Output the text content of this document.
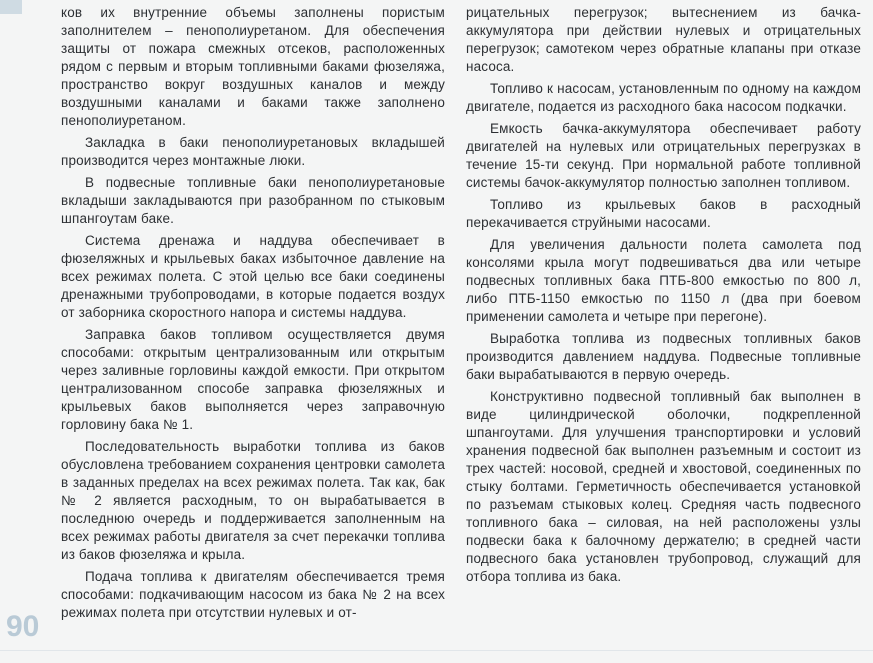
ков их внутренние объемы заполнены пористым заполнителем – пенополиуретаном. Для обеспечения защиты от пожара смежных отсеков, расположенных рядом с первым и вторым топливными баками фюзеляжа, пространство вокруг воздушных каналов и между воздушными каналами и баками также заполнено пенополиуретаном.

Закладка в баки пенополиуретановых вкладышей производится через монтажные люки.

В подвесные топливные баки пенополиуретановые вкладыши закладываются при разобранном по стыковым шпангоутам баке.

Система дренажа и наддува обеспечивает в фюзеляжных и крыльевых баках избыточное давление на всех режимах полета. С этой целью все баки соединены дренажными трубопроводами, в которые подается воздух от заборника скоростного напора и системы наддува.

Заправка баков топливом осуществляется двумя способами: открытым централизованным или открытым через заливные горловины каждой емкости. При открытом централизованном способе заправка фюзеляжных и крыльевых баков выполняется через заправочную горловину бака № 1.

Последовательность выработки топлива из баков обусловлена требованием сохранения центровки самолета в заданных пределах на всех режимах полета. Так как, бак № 2 является расходным, то он вырабатывается в последнюю очередь и поддерживается заполненным на всех режимах работы двигателя за счет перекачки топлива из баков фюзеляжа и крыла.

Подача топлива к двигателям обеспечивается тремя способами: подкачивающим насосом из бака № 2 на всех режимах полета при отсутствии нулевых и от-

рицательных перегрузок; вытеснением из бачка-аккумулятора при действии нулевых и отрицательных перегрузок; самотеком через обратные клапаны при отказе насоса.

Топливо к насосам, установленным по одному на каждом двигателе, подается из расходного бака насосом подкачки.

Емкость бачка-аккумулятора обеспечивает работу двигателей на нулевых или отрицательных перегрузках в течение 15-ти секунд. При нормальной работе топливной системы бачок-аккумулятор полностью заполнен топливом.

Топливо из крыльевых баков в расходный перекачивается струйными насосами.

Для увеличения дальности полета самолета под консолями крыла могут подвешиваться два или четыре подвесных топливных бака ПТБ-800 емкостью по 800 л, либо ПТБ-1150 емкостью по 1150 л (два при боевом применении самолета и четыре при перегоне).

Выработка топлива из подвесных топливных баков производится давлением наддува. Подвесные топливные баки вырабатываются в первую очередь.

Конструктивно подвесной топливный бак выполнен в виде цилиндрической оболочки, подкрепленной шпангоутами. Для улучшения транспортировки и условий хранения подвесной бак выполнен разъемным и состоит из трех частей: носовой, средней и хвостовой, соединенных по стыку болтами. Герметичность обеспечивается установкой по разъемам стыковых колец. Средняя часть подвесного топливного бака – силовая, на ней расположены узлы подвески бака к балочному держателю; в средней части подвесного бака установлен трубопровод, служащий для отбора топлива из бака.

90
